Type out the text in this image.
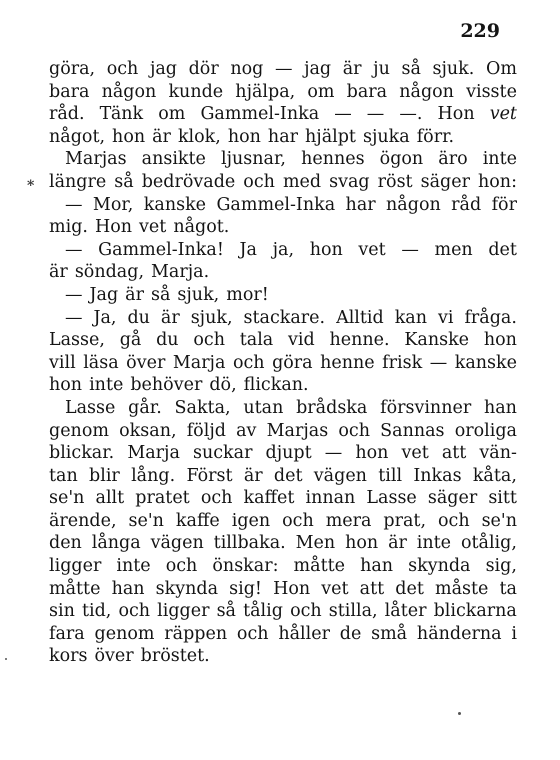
229
*
göra, och jag dör nog — jag är ju så sjuk. Om
bara någon kunde hjälpa, om bara någon visste
råd. Tänk om Gammel-Inka — — —. Hon vet
något, hon är klok, hon har hjälpt sjuka förr.
Marjas ansikte ljusnar, hennes ögon äro inte
längre så bedrövade och med svag röst säger hon:
— Mor, kanske Gammel-Inka har någon råd för
mig. Hon vet något.
— Gammel-Inka! Ja ja, hon vet — men det
är söndag, Marja.
— Jag är så sjuk, mor!
— Ja, du är sjuk, stackare. Alltid kan vi fråga.
Lasse, gå du och tala vid henne. Kanske hon
vill läsa över Marja och göra henne frisk — kanske
hon inte behöver dö, flickan.
Lasse går. Sakta, utan brådska försvinner han
genom oksan, följd av Marjas och Sannas oroliga
blickar. Marja suckar djupt — hon vet att vän-
tan blir lång. Först är det vägen till Inkas kåta,
se'n allt pratet och kaffet innan Lasse säger sitt
ärende, se'n kaffe igen och mera prat, och se'n
den långa vägen tillbaka. Men hon är inte otålig,
ligger inte och önskar: måtte han skynda sig,
måtte han skynda sig! Hon vet att det måste ta
sin tid, och ligger så tålig och stilla, låter blickarna
fara genom räppen och håller de små händerna i
kors över bröstet.
